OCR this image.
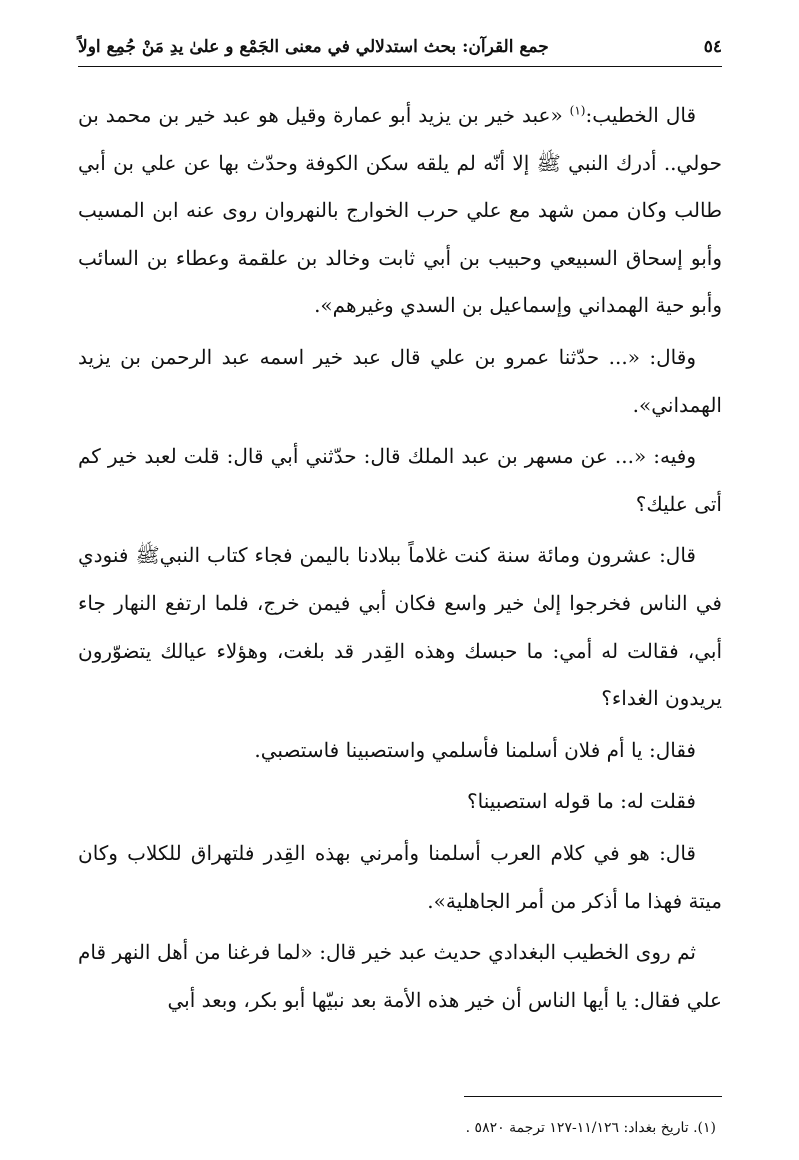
٥٤
جمع القرآن: بحث استدلالي في معنى الجَمْع و علىٰ يدِ مَنْ جُمِع اولاً

قال الخطيب:$^{(١)}$ «عبد خير بن يزيد أبو عمارة وقيل هو عبد خير بن محمد بن حولي.. أدرك النبي ﷺ إلا أنّه لم يلقه سكن الكوفة وحدّث بها عن علي بن أبي طالب وكان ممن شهد مع علي حرب الخوارج بالنهروان روى عنه ابن المسيب وأبو إسحاق السبيعي وحبيب بن أبي ثابت وخالد بن علقمة وعطاء بن السائب وأبو حية الهمداني وإسماعيل بن السدي وغيرهم».

وقال: «... حدّثنا عمرو بن علي قال عبد خير اسمه عبد الرحمن بن يزيد الهمداني».

وفيه: «... عن مسهر بن عبد الملك قال: حدّثني أبي قال: قلت لعبد خير كم أتى عليك؟

قال: عشرون ومائة سنة كنت غلاماً ببلادنا باليمن فجاء كتاب النبيﷺ فنودي في الناس فخرجوا إلىٰ خير واسع فكان أبي فيمن خرج، فلما ارتفع النهار جاء أبي، فقالت له أمي: ما حبسك وهذه القِدر قد بلغت، وهؤلاء عيالك يتضوّرون يريدون الغداء؟

فقال: يا أم فلان أسلمنا فأسلمي واستصبينا فاستصبي.

فقلت له: ما قوله استصبينا؟

قال: هو في كلام العرب أسلمنا وأمرني بهذه القِدر فلتهراق للكلاب وكان ميتة فهذا ما أذكر من أمر الجاهلية».

ثم روى الخطيب البغدادي حديث عبد خير قال: «لما فرغنا من أهل النهر قام علي فقال: يا أيها الناس أن خير هذه الأمة بعد نبيّها أبو بكر، وبعد أبي

(١). تاريخ بغداد: ١١/١٢٦-١٢٧ ترجمة ٥٨٢٠ .
